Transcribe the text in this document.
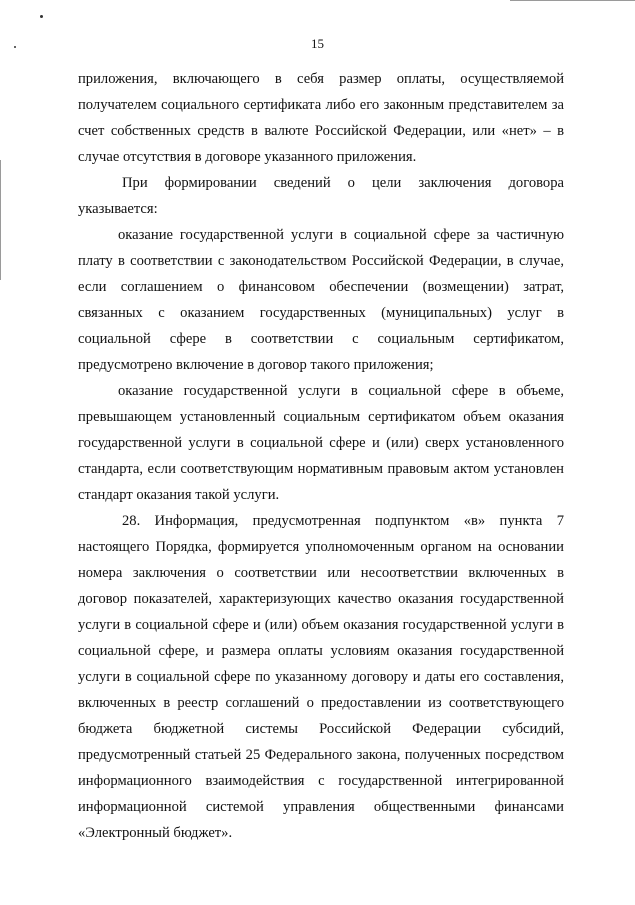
15

приложения, включающего в себя размер оплаты, осуществляемой получателем социального сертификата либо его законным представителем за счет собственных средств в валюте Российской Федерации, или «нет» – в случае отсутствия в договоре указанного приложения.

При формировании сведений о цели заключения договора указывается:

оказание государственной услуги в социальной сфере за частичную плату в соответствии с законодательством Российской Федерации, в случае, если соглашением о финансовом обеспечении (возмещении) затрат, связанных с оказанием государственных (муниципальных) услуг в социальной сфере в соответствии с социальным сертификатом, предусмотрено включение в договор такого приложения;

оказание государственной услуги в социальной сфере в объеме, превышающем установленный социальным сертификатом объем оказания государственной услуги в социальной сфере и (или) сверх установленного стандарта, если соответствующим нормативным правовым актом установлен стандарт оказания такой услуги.

28. Информация, предусмотренная подпунктом «в» пункта 7 настоящего Порядка, формируется уполномоченным органом на основании номера заключения о соответствии или несоответствии включенных в договор показателей, характеризующих качество оказания государственной услуги в социальной сфере и (или) объем оказания государственной услуги в социальной сфере, и размера оплаты условиям оказания государственной услуги в социальной сфере по указанному договору и даты его составления, включенных в реестр соглашений о предоставлении из соответствующего бюджета бюджетной системы Российской Федерации субсидий, предусмотренный статьей 25 Федерального закона, полученных посредством информационного взаимодействия с государственной интегрированной информационной системой управления общественными финансами «Электронный бюджет».
